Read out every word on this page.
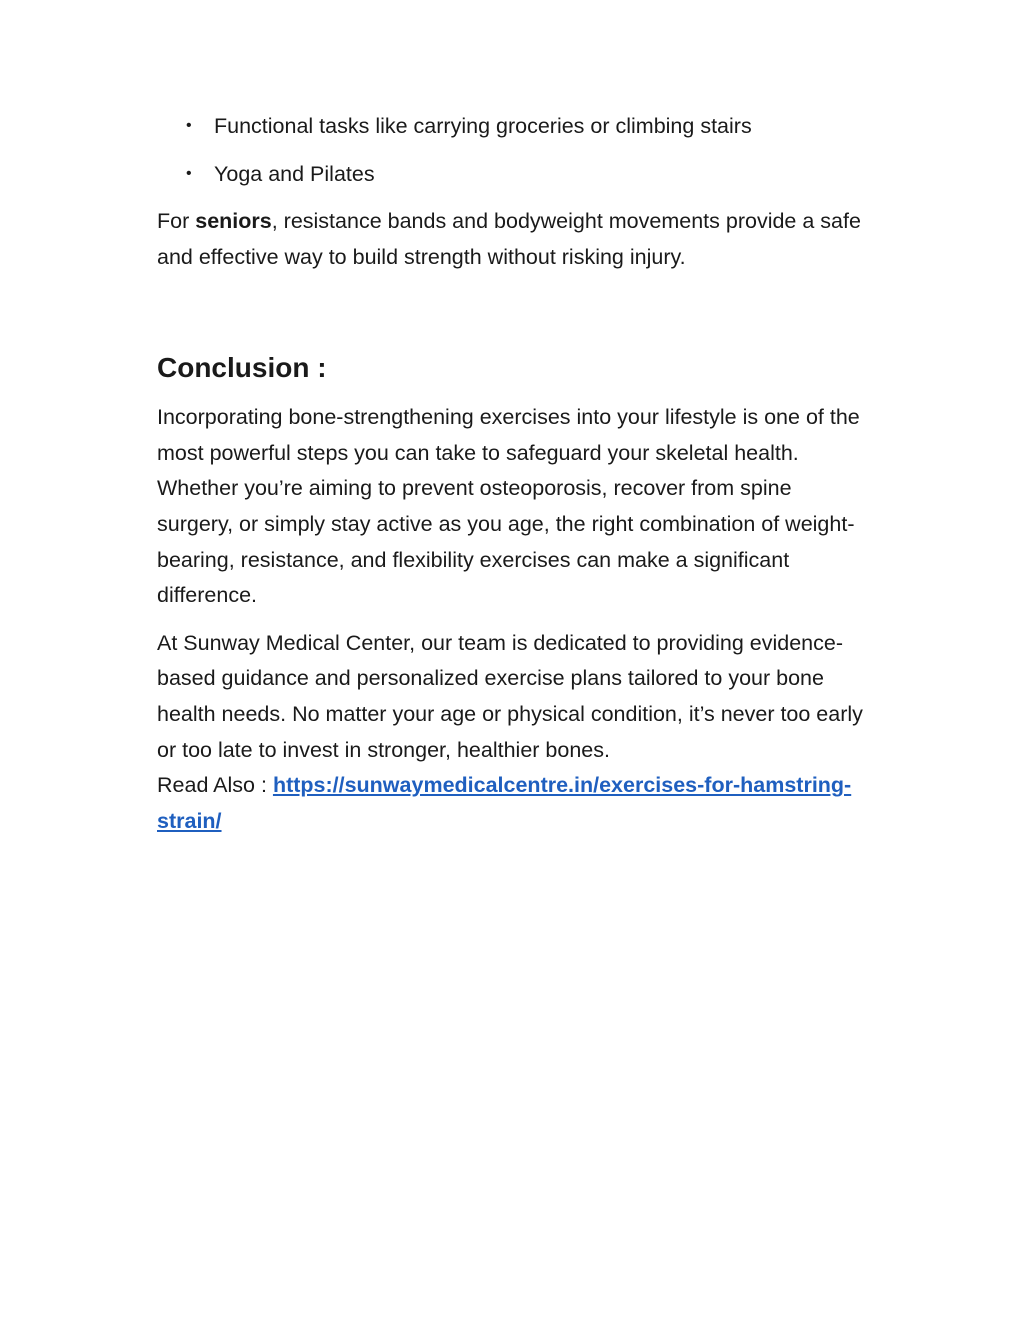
• Functional tasks like carrying groceries or climbing stairs
• Yoga and Pilates

For seniors, resistance bands and bodyweight movements provide a safe and effective way to build strength without risking injury.

Conclusion :

Incorporating bone-strengthening exercises into your lifestyle is one of the most powerful steps you can take to safeguard your skeletal health. Whether you’re aiming to prevent osteoporosis, recover from spine surgery, or simply stay active as you age, the right combination of weight-bearing, resistance, and flexibility exercises can make a significant difference.

At Sunway Medical Center, our team is dedicated to providing evidence-based guidance and personalized exercise plans tailored to your bone health needs. No matter your age or physical condition, it’s never too early or too late to invest in stronger, healthier bones.
Read Also : https://sunwaymedicalcentre.in/exercises-for-hamstring-strain/
